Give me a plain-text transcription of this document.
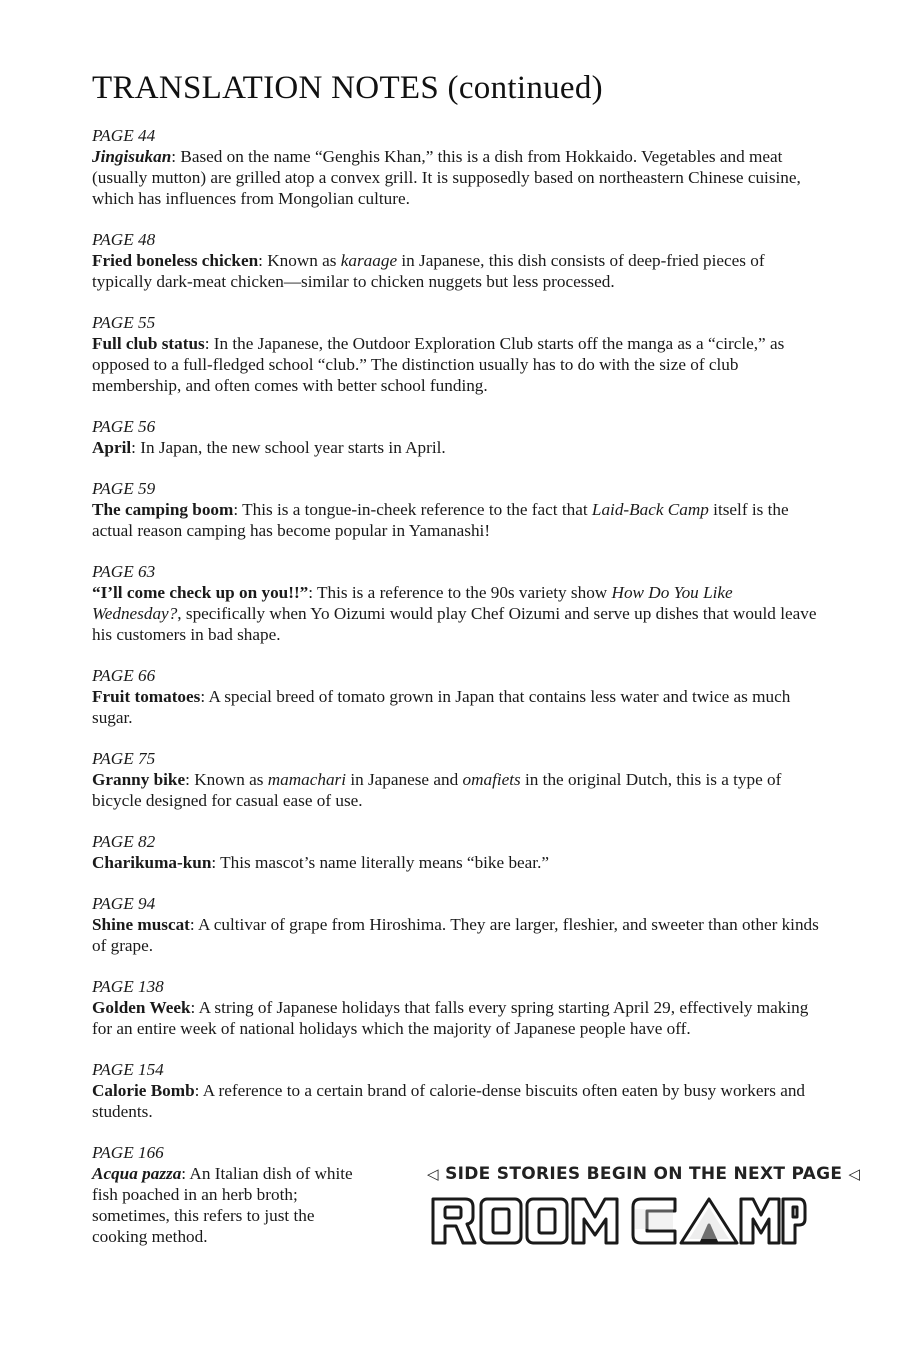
TRANSLATION NOTES (continued)
PAGE 44
Jingisukan: Based on the name “Genghis Khan,” this is a dish from Hokkaido. Vegetables and meat (usually mutton) are grilled atop a convex grill. It is supposedly based on northeastern Chinese cuisine, which has influences from Mongolian culture.
PAGE 48
Fried boneless chicken: Known as karaage in Japanese, this dish consists of deep-fried pieces of typically dark-meat chicken—similar to chicken nuggets but less processed.
PAGE 55
Full club status: In the Japanese, the Outdoor Exploration Club starts off the manga as a “circle,” as opposed to a full-fledged school “club.” The distinction usually has to do with the size of club membership, and often comes with better school funding.
PAGE 56
April: In Japan, the new school year starts in April.
PAGE 59
The camping boom: This is a tongue-in-cheek reference to the fact that Laid-Back Camp itself is the actual reason camping has become popular in Yamanashi!
PAGE 63
“I’ll come check up on you!!”: This is a reference to the 90s variety show How Do You Like Wednesday?, specifically when Yo Oizumi would play Chef Oizumi and serve up dishes that would leave his customers in bad shape.
PAGE 66
Fruit tomatoes: A special breed of tomato grown in Japan that contains less water and twice as much sugar.
PAGE 75
Granny bike: Known as mamachari in Japanese and omafiets in the original Dutch, this is a type of bicycle designed for casual ease of use.
PAGE 82
Charikuma-kun: This mascot’s name literally means “bike bear.”
PAGE 94
Shine muscat: A cultivar of grape from Hiroshima. They are larger, fleshier, and sweeter than other kinds of grape.
PAGE 138
Golden Week: A string of Japanese holidays that falls every spring starting April 29, effectively making for an entire week of national holidays which the majority of Japanese people have off.
PAGE 154
Calorie Bomb: A reference to a certain brand of calorie-dense biscuits often eaten by busy workers and students.
PAGE 166
Acqua pazza: An Italian dish of white fish poached in an herb broth; sometimes, this refers to just the cooking method.
◁ SIDE STORIES BEGIN ON THE NEXT PAGE ◁
